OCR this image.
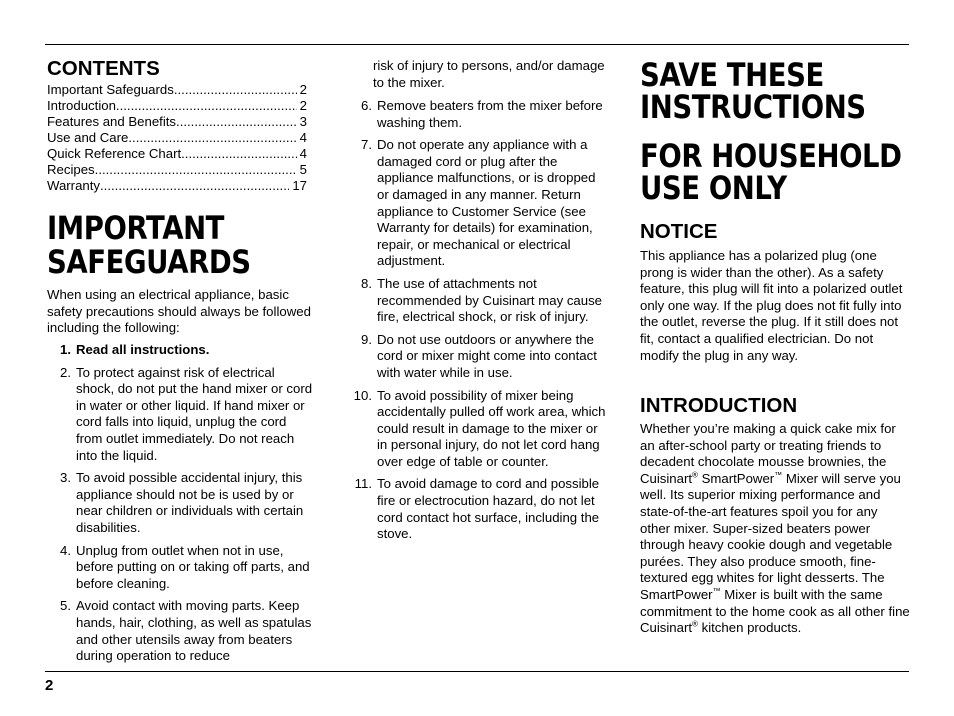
CONTENTS
Important Safeguards .....	2
Introduction .....	2
Features and Benefits .....	3
Use and Care .....	4
Quick Reference Chart .....	4
Recipes .....	5
Warranty .....	17
IMPORTANT
SAFEGUARDS

When using an electrical appliance, basic safety precautions should always be followed including the following:

1. Read all instructions.
2. To protect against risk of electrical shock, do not put the hand mixer or cord in water or other liquid. If hand mixer or cord falls into liquid, unplug the cord from outlet immediately. Do not reach into the liquid.
3. To avoid possible accidental injury, this appliance should not be is used by or near children or individuals with certain disabilities.
4. Unplug from outlet when not in use, before putting on or taking off parts, and before cleaning.
5. Avoid contact with moving parts. Keep hands, hair, clothing, as well as spatulas and other utensils away from beaters during operation to reduce
risk of injury to persons, and/or damage to the mixer.
6. Remove beaters from the mixer before washing them.
7. Do not operate any appliance with a damaged cord or plug after the appliance malfunctions, or is dropped or damaged in any manner. Return appliance to Customer Service (see Warranty for details) for examination, repair, or mechanical or electrical adjustment.
8. The use of attachments not recommended by Cuisinart may cause fire, electrical shock, or risk of injury.
9. Do not use outdoors or anywhere the cord or mixer might come into contact with water while in use.
10. To avoid possibility of mixer being accidentally pulled off work area, which could result in damage to the mixer or in personal injury, do not let cord hang over edge of table or counter.
11. To avoid damage to cord and possible fire or electrocution hazard, do not let cord contact hot surface, including the stove.
SAVE THESE
INSTRUCTIONS
FOR HOUSEHOLD
USE ONLY
NOTICE

This appliance has a polarized plug (one prong is wider than the other). As a safety feature, this plug will fit into a polarized outlet only one way. If the plug does not fit fully into the outlet, reverse the plug. If it still does not fit, contact a qualified electrician. Do not modify the plug in any way.

INTRODUCTION

Whether you’re making a quick cake mix for an after-school party or treating friends to decadent chocolate mousse brownies, the Cuisinart® SmartPower™ Mixer will serve you well. Its superior mixing performance and state-of-the-art features spoil you for any other mixer. Super-sized beaters power through heavy cookie dough and vegetable purées. They also produce smooth, fine-textured egg whites for light desserts. The SmartPower™ Mixer is built with the same commitment to the home cook as all other fine Cuisinart® kitchen products.

2
